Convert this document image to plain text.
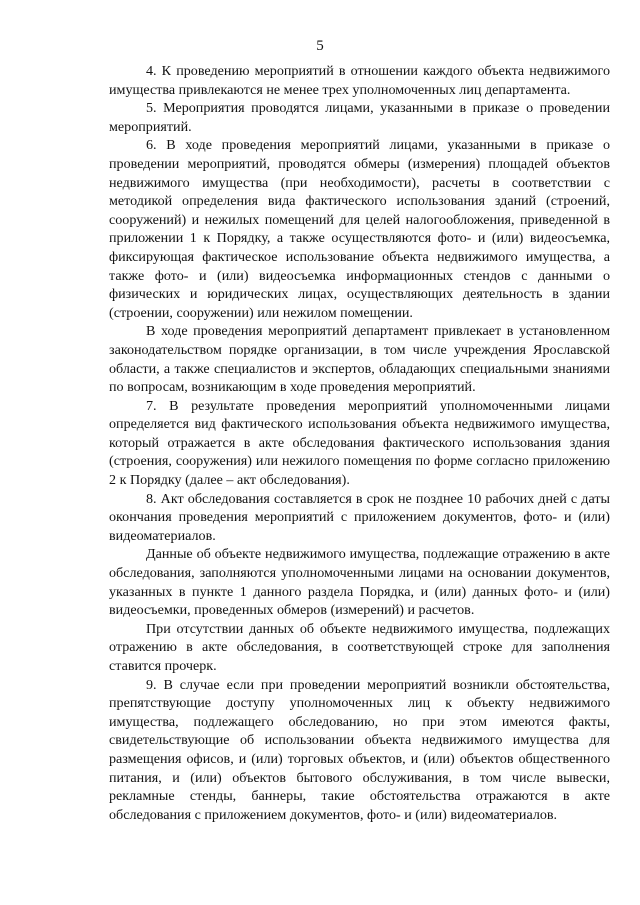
5

4. К проведению мероприятий в отношении каждого объекта недвижимого имущества привлекаются не менее трех уполномоченных лиц департамента.

5. Мероприятия проводятся лицами, указанными в приказе о проведении мероприятий.

6. В ходе проведения мероприятий лицами, указанными в приказе о проведении мероприятий, проводятся обмеры (измерения) площадей объектов недвижимого имущества (при необходимости), расчеты в соответствии с методикой определения вида фактического использования зданий (строений, сооружений) и нежилых помещений для целей налогообложения, приведенной в приложении 1 к Порядку, а также осуществляются фото- и (или) видеосъемка, фиксирующая фактическое использование объекта недвижимого имущества, а также фото- и (или) видеосъемка информационных стендов с данными о физических и юридических лицах, осуществляющих деятельность в здании (строении, сооружении) или нежилом помещении.

В ходе проведения мероприятий департамент привлекает в установленном законодательством порядке организации, в том числе учреждения Ярославской области, а также специалистов и экспертов, обладающих специальными знаниями по вопросам, возникающим в ходе проведения мероприятий.

7. В результате проведения мероприятий уполномоченными лицами определяется вид фактического использования объекта недвижимого имущества, который отражается в акте обследования фактического использования здания (строения, сооружения) или нежилого помещения по форме согласно приложению 2 к Порядку (далее – акт обследования).

8. Акт обследования составляется в срок не позднее 10 рабочих дней с даты окончания проведения мероприятий с приложением документов, фото- и (или) видеоматериалов.

Данные об объекте недвижимого имущества, подлежащие отражению в акте обследования, заполняются уполномоченными лицами на основании документов, указанных в пункте 1 данного раздела Порядка, и (или) данных фото- и (или) видеосъемки, проведенных обмеров (измерений) и расчетов.

При отсутствии данных об объекте недвижимого имущества, подлежащих отражению в акте обследования, в соответствующей строке для заполнения ставится прочерк.

9. В случае если при проведении мероприятий возникли обстоятельства, препятствующие доступу уполномоченных лиц к объекту недвижимого имущества, подлежащего обследованию, но при этом имеются факты, свидетельствующие об использовании объекта недвижимого имущества для размещения офисов, и (или) торговых объектов, и (или) объектов общественного питания, и (или) объектов бытового обслуживания, в том числе вывески, рекламные стенды, баннеры, такие обстоятельства отражаются в акте обследования с приложением документов, фото- и (или) видеоматериалов.
